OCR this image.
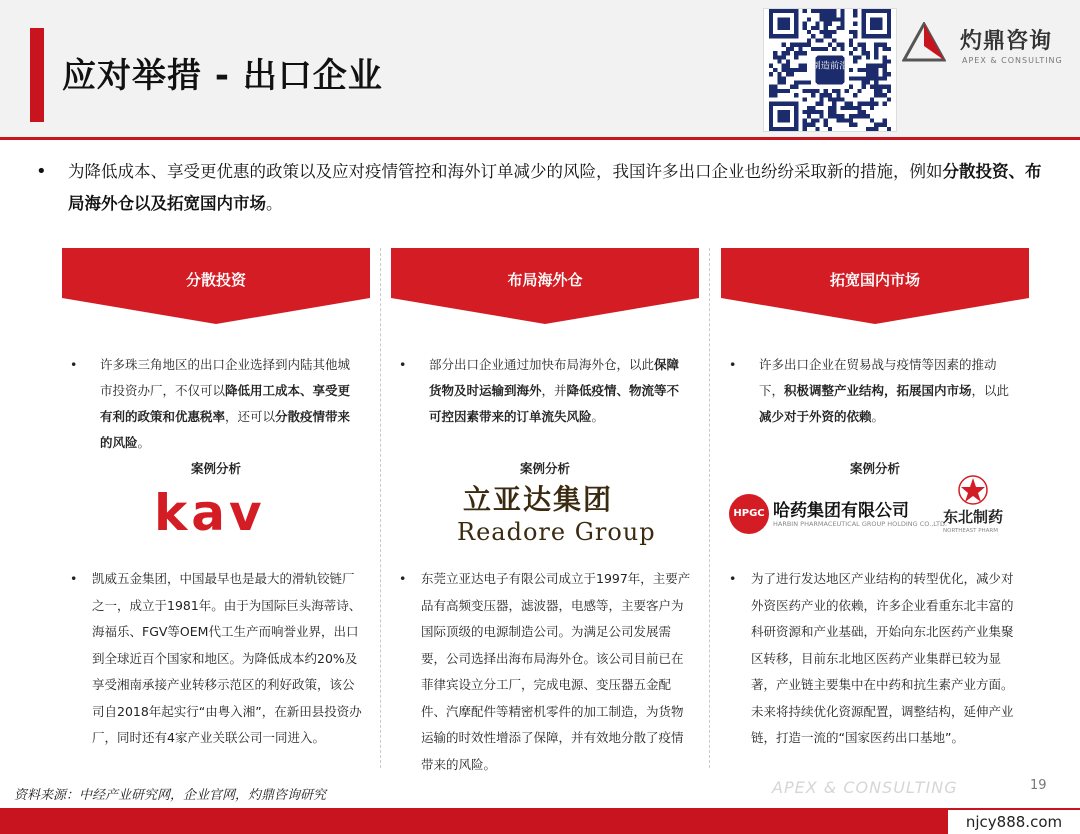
应对举措 - 出口企业	制造前沿
灼鼎咨询
APEX & CONSULTING
•	为降低成本、享受更优惠的政策以及应对疫情管控和海外订单减少的风险，我国许多出口企业也纷纷采取新的措施，例如分散投资、布局海外仓以及拓宽国内市场。
分散投资
•	许多珠三角地区的出口企业选择到内陆其他城市投资办厂，不仅可以降低用工成本、享受更有利的政策和优惠税率，还可以分散疫情带来的风险。

案例分析
kav
•	凯威五金集团，中国最早也是最大的滑轨铰链厂之一，成立于1981年。由于为国际巨头海蒂诗、海福乐、FGV等OEM代工生产而响誉业界，出口到全球近百个国家和地区。为降低成本约20%及享受湘南承接产业转移示范区的利好政策，该公司自2018年起实行“由粤入湘”，在新田县投资办厂，同时还有4家产业关联公司一同进入。

布局海外仓
•	部分出口企业通过加快布局海外仓，以此保障货物及时运输到海外，并降低疫情、物流等不可控因素带来的订单流失风险。

案例分析
立亚达集团
Readore Group
•	东莞立亚达电子有限公司成立于1997年，主要产品有高频变压器，滤波器，电感等，主要客户为国际顶级的电源制造公司。为满足公司发展需要，公司选择出海布局海外仓。该公司目前已在菲律宾设立分工厂，完成电源、变压器五金配件、汽摩配件等精密机零件的加工制造，为货物运输的时效性增添了保障，并有效地分散了疫情带来的风险。

拓宽国内市场
•	许多出口企业在贸易战与疫情等因素的推动下，积极调整产业结构，拓展国内市场，以此减少对于外资的依赖。

案例分析
HPGC 哈药集团有限公司
HARBIN PHARMACEUTICAL GROUP HOLDING CO.,LTD.
东北制药
NORTHEAST PHARM
•	为了进行发达地区产业结构的转型优化，减少对外资医药产业的依赖，许多企业看重东北丰富的科研资源和产业基础，开始向东北医药产业集聚区转移，目前东北地区医药产业集群已较为显著，产业链主要集中在中药和抗生素产业方面。未来将持续优化资源配置，调整结构，延伸产业链，打造一流的“国家医药出口基地”。

资料来源：中经产业研究网，企业官网，灼鼎咨询研究	APEX & CONSULTING	19
njcy888.com
